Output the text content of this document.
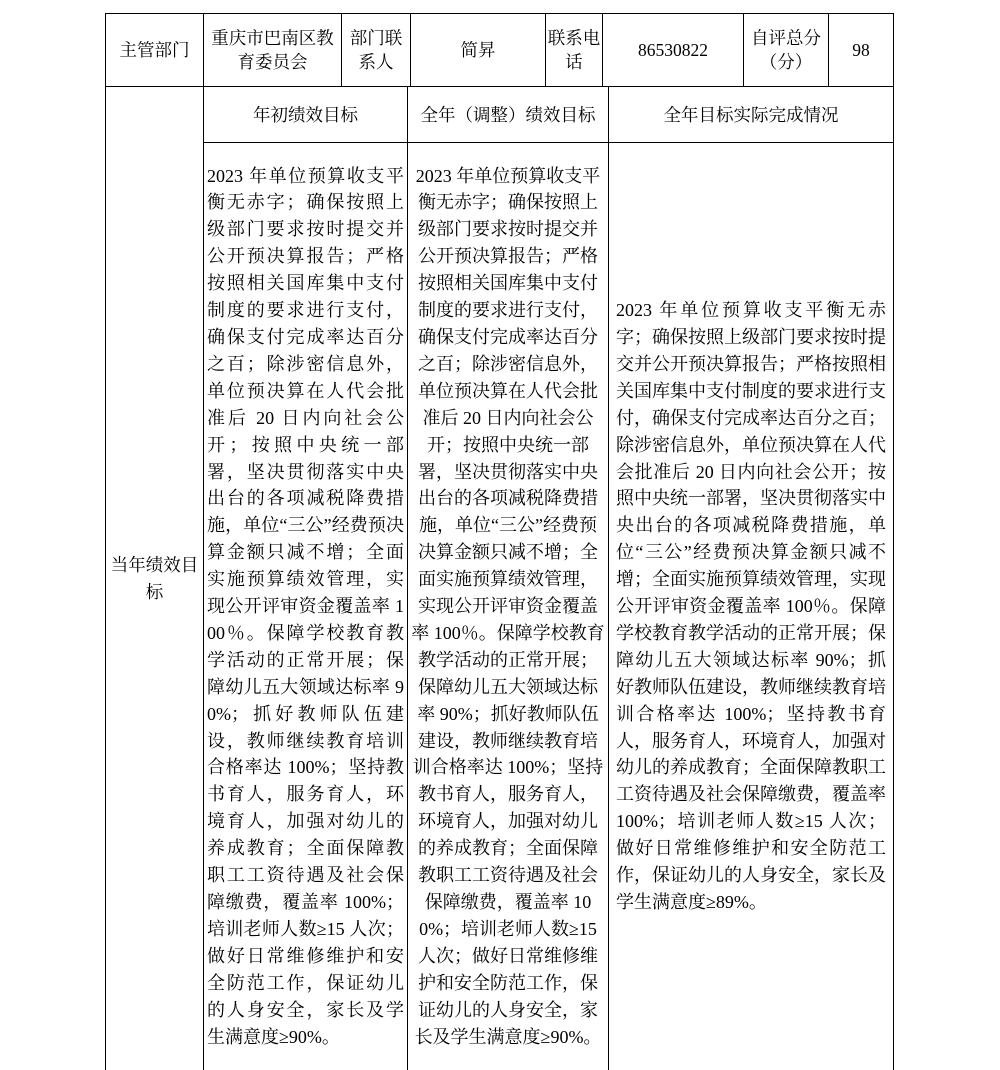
主管部门	重庆市巴南区教育委员会	部门联系人	简昇	联系电话	86530822	自评总分（分）	98
当年绩效目标	年初绩效目标	全年（调整）绩效目标	全年目标实际完成情况
2023 年单位预算收支平衡无赤字；确保按照上级部门要求按时提交并公开预决算报告；严格按照相关国库集中支付制度的要求进行支付，确保支付完成率达百分之百；除涉密信息外，单位预决算在人代会批准后 20 日内向社会公开；按照中央统一部署，坚决贯彻落实中央出台的各项减税降费措施，单位“三公”经费预决算金额只减不增；全面实施预算绩效管理，实现公开评审资金覆盖率 100％。保障学校教育教学活动的正常开展；保障幼儿五大领域达标率 90%；抓好教师队伍建设，教师继续教育培训合格率达 100%；坚持教书育人，服务育人，环境育人，加强对幼儿的养成教育；全面保障教职工工资待遇及社会保障缴费，覆盖率 100%；培训老师人数≥15 人次；做好日常维修维护和安全防范工作，保证幼儿的人身安全，家长及学生满意度≥90%。	2023 年单位预算收支平衡无赤字；确保按照上级部门要求按时提交并公开预决算报告；严格按照相关国库集中支付制度的要求进行支付，确保支付完成率达百分之百；除涉密信息外，单位预决算在人代会批准后 20 日内向社会公开；按照中央统一部署，坚决贯彻落实中央出台的各项减税降费措施，单位“三公”经费预决算金额只减不增；全面实施预算绩效管理，实现公开评审资金覆盖率 100％。保障学校教育教学活动的正常开展；保障幼儿五大领域达标率 90%；抓好教师队伍建设，教师继续教育培训合格率达 100%；坚持教书育人，服务育人，环境育人，加强对幼儿的养成教育；全面保障教职工工资待遇及社会保障缴费，覆盖率 100%；培训老师人数≥15 人次；做好日常维修维护和安全防范工作，保证幼儿的人身安全，家长及学生满意度≥90%。	2023 年单位预算收支平衡无赤字；确保按照上级部门要求按时提交并公开预决算报告；严格按照相关国库集中支付制度的要求进行支付，确保支付完成率达百分之百；除涉密信息外，单位预决算在人代会批准后 20 日内向社会公开；按照中央统一部署，坚决贯彻落实中央出台的各项减税降费措施，单位“三公”经费预决算金额只减不增；全面实施预算绩效管理，实现公开评审资金覆盖率 100％。保障学校教育教学活动的正常开展；保障幼儿五大领域达标率 90%；抓好教师队伍建设，教师继续教育培训合格率达 100%；坚持教书育人，服务育人，环境育人，加强对幼儿的养成教育；全面保障教职工工资待遇及社会保障缴费，覆盖率 100%；培训老师人数≥15 人次；做好日常维修维护和安全防范工作，保证幼儿的人身安全，家长及学生满意度≥89%。
